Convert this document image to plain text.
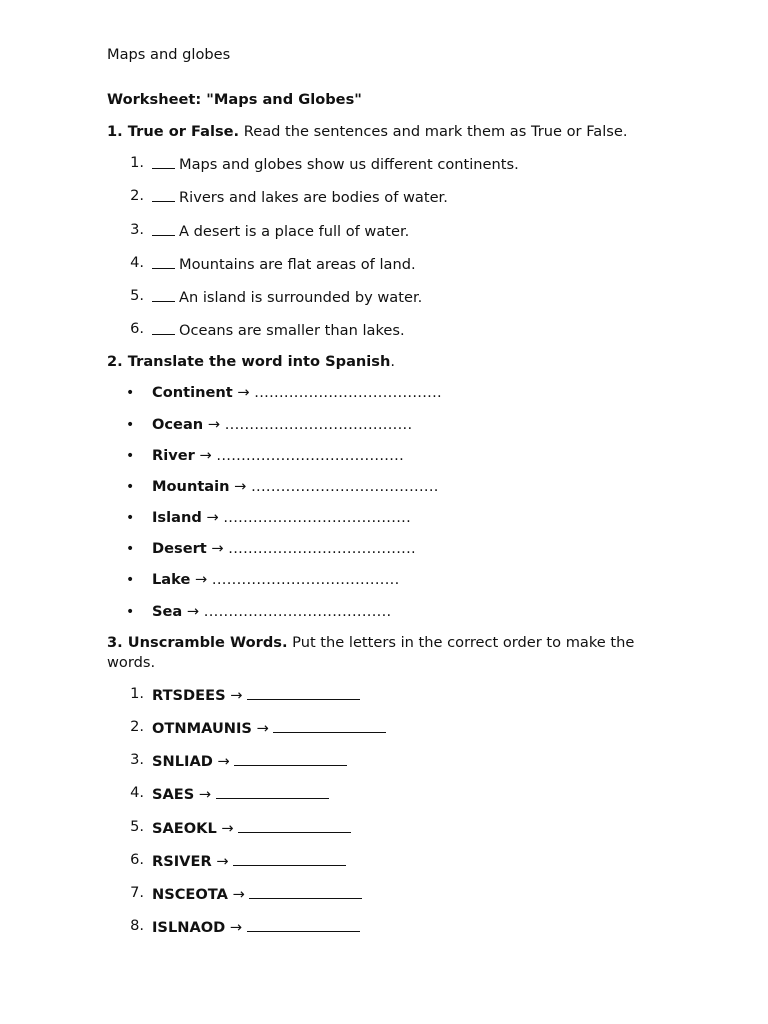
Maps and globes
Worksheet: "Maps and Globes"
1. True or False. Read the sentences and mark them as True or False.
1. Maps and globes show us different continents.
2. Rivers and lakes are bodies of water.
3. A desert is a place full of water.
4. Mountains are flat areas of land.
5. An island is surrounded by water.
6. Oceans are smaller than lakes.
2. Translate the word into Spanish.
• Continent → ......................................
• Ocean → ......................................
• River → ......................................
• Mountain → ......................................
• Island → ......................................
• Desert → ......................................
• Lake → ......................................
• Sea → ......................................
3. Unscramble Words. Put the letters in the correct order to make the words.
1. RTSDEES →
2. OTNMAUNIS →
3. SNLIAD →
4. SAES →
5. SAEOKL →
6. RSIVER →
7. NSCEOTA →
8. ISLNAOD →
